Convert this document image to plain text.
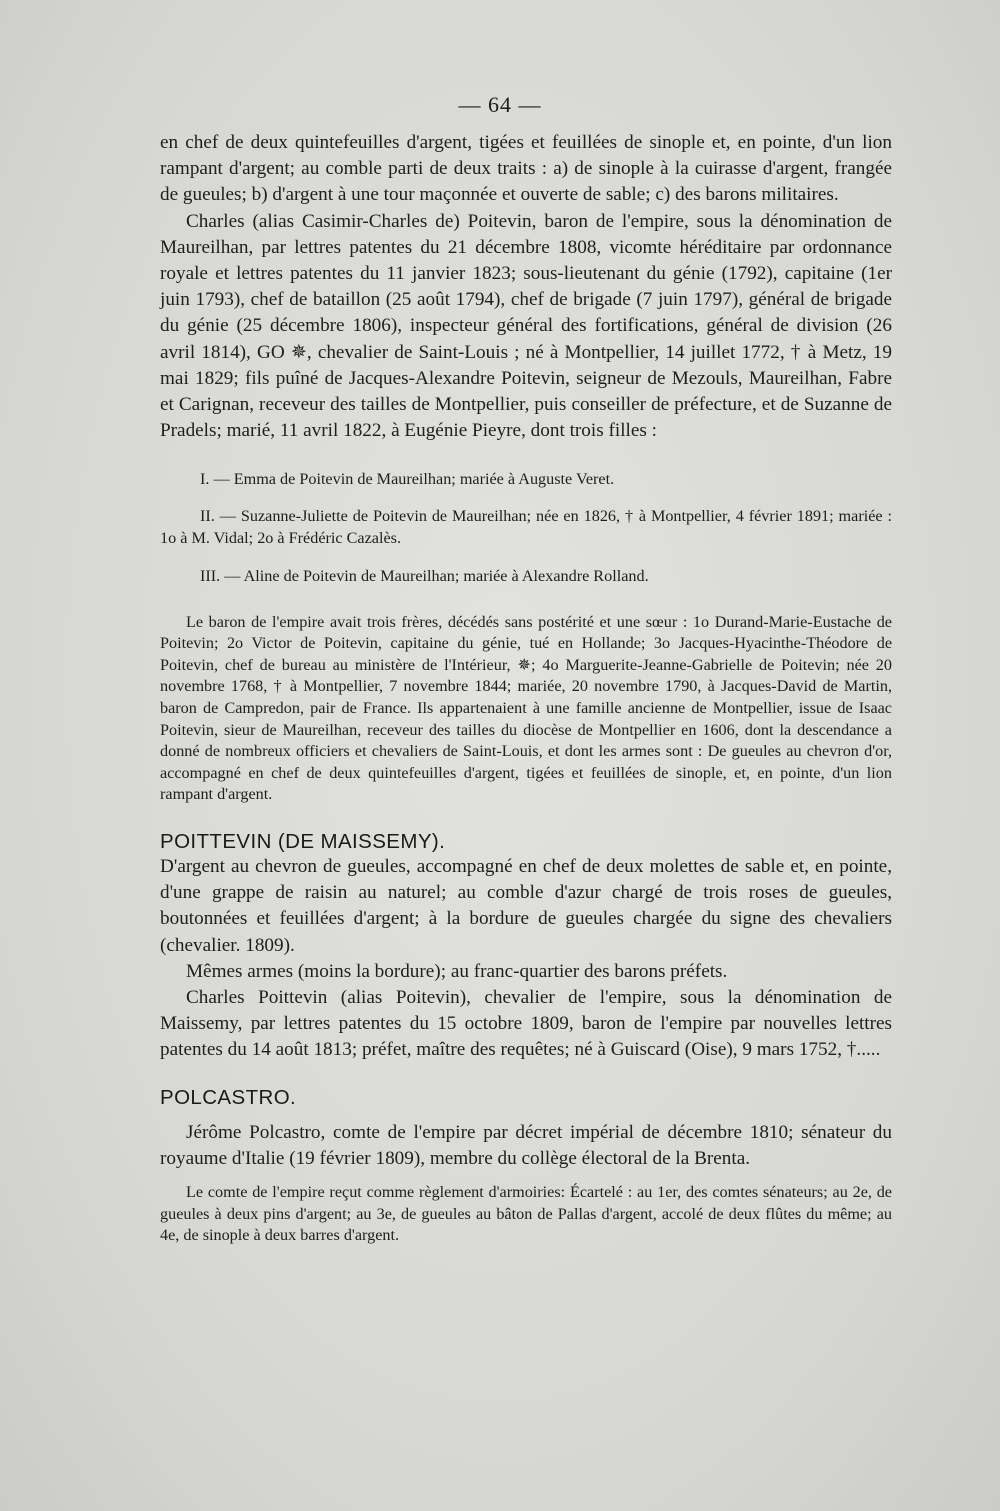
— 64 —

en chef de deux quintefeuilles d'argent, tigées et feuillées de sinople et, en pointe, d'un lion rampant d'argent; au comble parti de deux traits : a) de sinople à la cuirasse d'argent, frangée de gueules; b) d'argent à une tour maçonnée et ouverte de sable; c) des barons militaires.

Charles (alias Casimir-Charles de) Poitevin, baron de l'empire, sous la dénomination de Maureilhan, par lettres patentes du 21 décembre 1808, vicomte héréditaire par ordonnance royale et lettres patentes du 11 janvier 1823; sous-lieutenant du génie (1792), capitaine (1er juin 1793), chef de bataillon (25 août 1794), chef de brigade (7 juin 1797), général de brigade du génie (25 décembre 1806), inspecteur général des fortifications, général de division (26 avril 1814), GO ✵, chevalier de Saint-Louis ; né à Montpellier, 14 juillet 1772, † à Metz, 19 mai 1829; fils puîné de Jacques-Alexandre Poitevin, seigneur de Mezouls, Maureilhan, Fabre et Carignan, receveur des tailles de Montpellier, puis conseiller de préfecture, et de Suzanne de Pradels; marié, 11 avril 1822, à Eugénie Pieyre, dont trois filles :

I. — Emma de Poitevin de Maureilhan; mariée à Auguste Veret.

II. — Suzanne-Juliette de Poitevin de Maureilhan; née en 1826, † à Montpellier, 4 février 1891; mariée : 1o à M. Vidal; 2o à Frédéric Cazalès.

III. — Aline de Poitevin de Maureilhan; mariée à Alexandre Rolland.

Le baron de l'empire avait trois frères, décédés sans postérité et une sœur : 1o Durand-Marie-Eustache de Poitevin; 2o Victor de Poitevin, capitaine du génie, tué en Hollande; 3o Jacques-Hyacinthe-Théodore de Poitevin, chef de bureau au ministère de l'Intérieur, ✵; 4o Marguerite-Jeanne-Gabrielle de Poitevin; née 20 novembre 1768, † à Montpellier, 7 novembre 1844; mariée, 20 novembre 1790, à Jacques-David de Martin, baron de Campredon, pair de France. Ils appartenaient à une famille ancienne de Montpellier, issue de Isaac Poitevin, sieur de Maureilhan, receveur des tailles du diocèse de Montpellier en 1606, dont la descendance a donné de nombreux officiers et chevaliers de Saint-Louis, et dont les armes sont : De gueules au chevron d'or, accompagné en chef de deux quintefeuilles d'argent, tigées et feuillées de sinople, et, en pointe, d'un lion rampant d'argent.

POITTEVIN (DE MAISSEMY).

D'argent au chevron de gueules, accompagné en chef de deux molettes de sable et, en pointe, d'une grappe de raisin au naturel; au comble d'azur chargé de trois roses de gueules, boutonnées et feuillées d'argent; à la bordure de gueules chargée du signe des chevaliers (chevalier. 1809).

Mêmes armes (moins la bordure); au franc-quartier des barons préfets.

Charles Poittevin (alias Poitevin), chevalier de l'empire, sous la dénomination de Maissemy, par lettres patentes du 15 octobre 1809, baron de l'empire par nouvelles lettres patentes du 14 août 1813; préfet, maître des requêtes; né à Guiscard (Oise), 9 mars 1752, †.....

POLCASTRO.

Jérôme Polcastro, comte de l'empire par décret impérial de décembre 1810; sénateur du royaume d'Italie (19 février 1809), membre du collège électoral de la Brenta.

Le comte de l'empire reçut comme règlement d'armoiries: Écartelé : au 1er, des comtes sénateurs; au 2e, de gueules à deux pins d'argent; au 3e, de gueules au bâton de Pallas d'argent, accolé de deux flûtes du même; au 4e, de sinople à deux barres d'argent.
